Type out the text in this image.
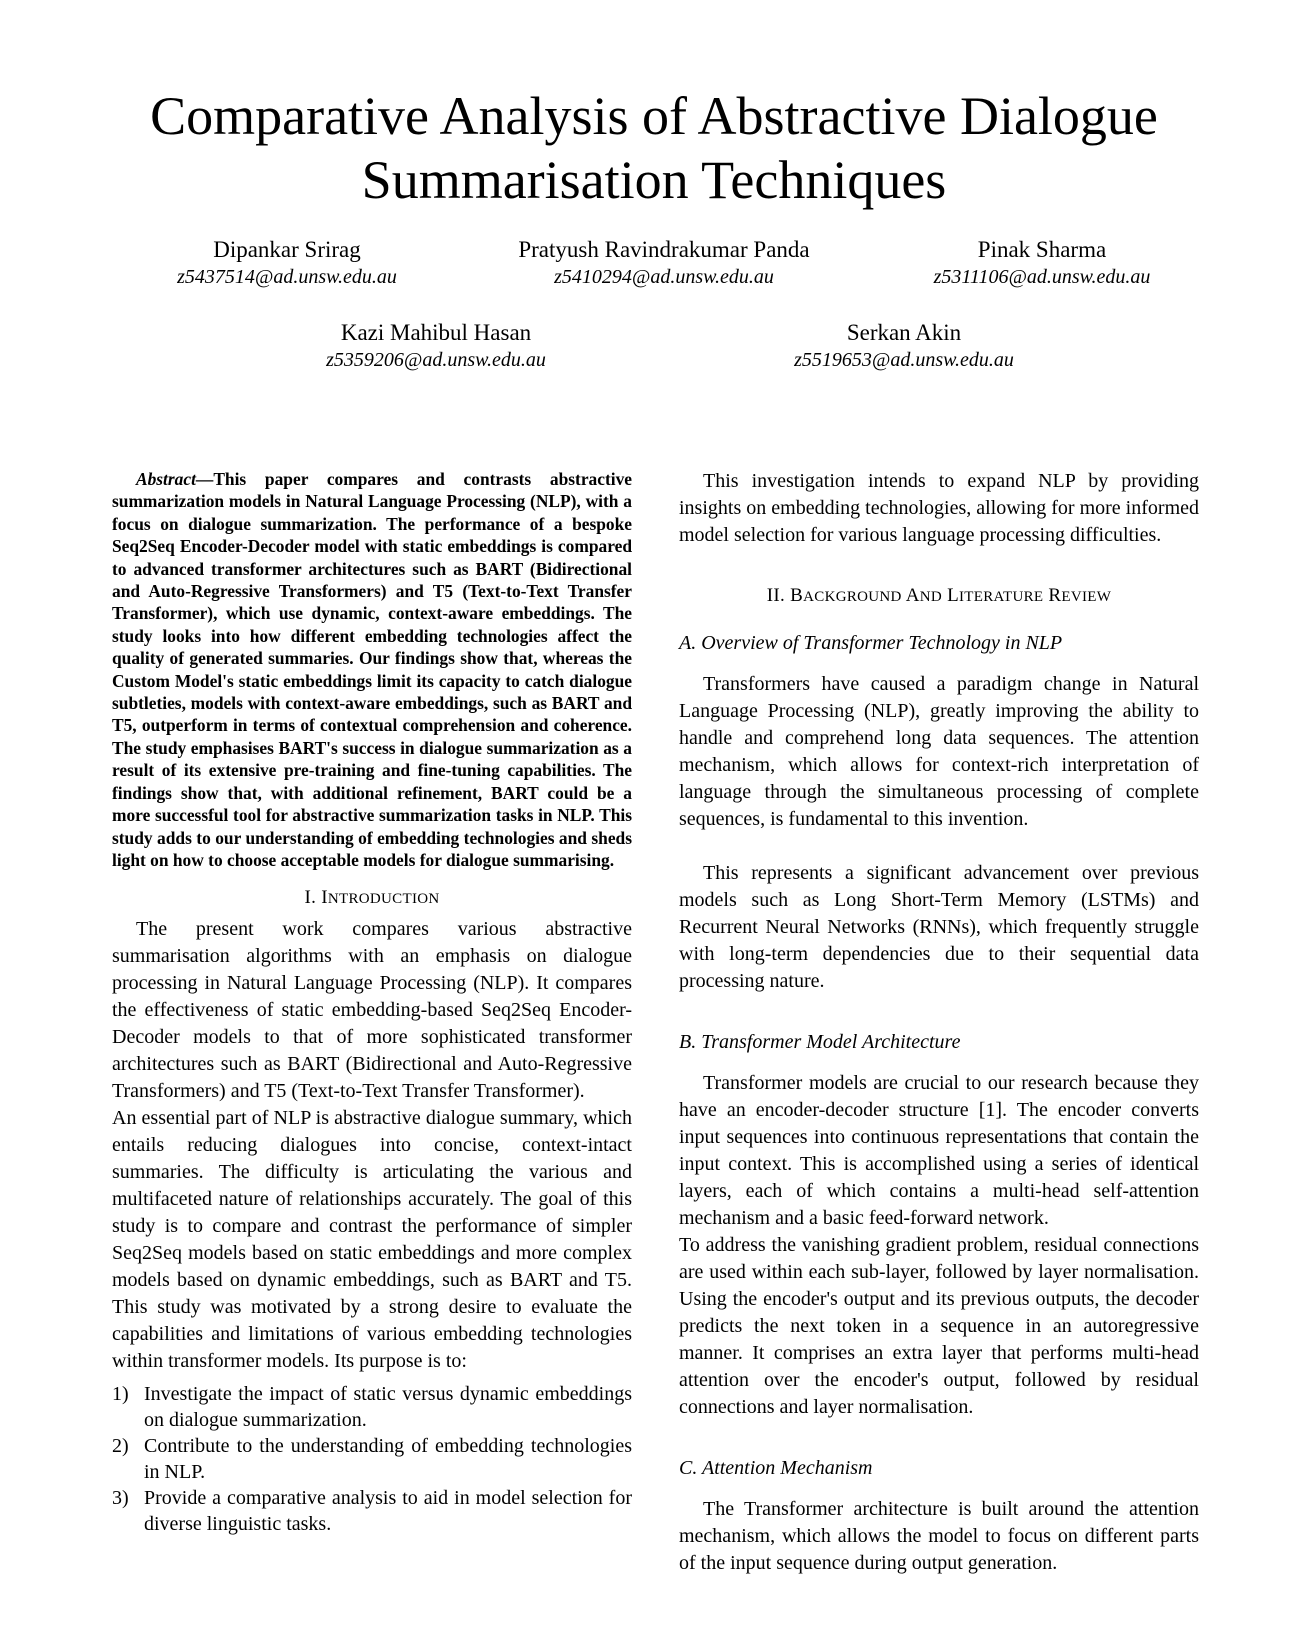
Comparative Analysis of Abstractive Dialogue
Summarisation Techniques
Dipankar Srirag
z5437514@ad.unsw.edu.au
Pratyush Ravindrakumar Panda
z5410294@ad.unsw.edu.au
Pinak Sharma
z5311106@ad.unsw.edu.au
Kazi Mahibul Hasan
z5359206@ad.unsw.edu.au
Serkan Akin
z5519653@ad.unsw.edu.au

Abstract—This paper compares and contrasts abstractive summarization models in Natural Language Processing (NLP), with a focus on dialogue summarization. The performance of a bespoke Seq2Seq Encoder-Decoder model with static embeddings is compared to advanced transformer architectures such as BART (Bidirectional and Auto-Regressive Transformers) and T5 (Text-to-Text Transfer Transformer), which use dynamic, context-aware embeddings. The study looks into how different embedding technologies affect the quality of generated summaries. Our findings show that, whereas the Custom Model's static embeddings limit its capacity to catch dialogue subtleties, models with context-aware embeddings, such as BART and T5, outperform in terms of contextual comprehension and coherence. The study emphasises BART's success in dialogue summarization as a result of its extensive pre-training and fine-tuning capabilities. The findings show that, with additional refinement, BART could be a more successful tool for abstractive summarization tasks in NLP. This study adds to our understanding of embedding technologies and sheds light on how to choose acceptable models for dialogue summarising.

I. INTRODUCTION

The present work compares various abstractive summarisation algorithms with an emphasis on dialogue processing in Natural Language Processing (NLP). It compares the effectiveness of static embedding-based Seq2Seq Encoder-Decoder models to that of more sophisticated transformer architectures such as BART (Bidirectional and Auto-Regressive Transformers) and T5 (Text-to-Text Transfer Transformer).

An essential part of NLP is abstractive dialogue summary, which entails reducing dialogues into concise, context-intact summaries. The difficulty is articulating the various and multifaceted nature of relationships accurately. The goal of this study is to compare and contrast the performance of simpler Seq2Seq models based on static embeddings and more complex models based on dynamic embeddings, such as BART and T5. This study was motivated by a strong desire to evaluate the capabilities and limitations of various embedding technologies within transformer models. Its purpose is to:

1) Investigate the impact of static versus dynamic embeddings on dialogue summarization.
2) Contribute to the understanding of embedding technologies in NLP.
3) Provide a comparative analysis to aid in model selection for diverse linguistic tasks.

This investigation intends to expand NLP by providing insights on embedding technologies, allowing for more informed model selection for various language processing difficulties.

II. BACKGROUND AND LITERATURE REVIEW

A. Overview of Transformer Technology in NLP

Transformers have caused a paradigm change in Natural Language Processing (NLP), greatly improving the ability to handle and comprehend long data sequences. The attention mechanism, which allows for context-rich interpretation of language through the simultaneous processing of complete sequences, is fundamental to this invention.

This represents a significant advancement over previous models such as Long Short-Term Memory (LSTMs) and Recurrent Neural Networks (RNNs), which frequently struggle with long-term dependencies due to their sequential data processing nature.

B. Transformer Model Architecture

Transformer models are crucial to our research because they have an encoder-decoder structure [1]. The encoder converts input sequences into continuous representations that contain the input context. This is accomplished using a series of identical layers, each of which contains a multi-head self-attention mechanism and a basic feed-forward network.

To address the vanishing gradient problem, residual connections are used within each sub-layer, followed by layer normalisation. Using the encoder's output and its previous outputs, the decoder predicts the next token in a sequence in an autoregressive manner. It comprises an extra layer that performs multi-head attention over the encoder's output, followed by residual connections and layer normalisation.

C. Attention Mechanism

The Transformer architecture is built around the attention mechanism, which allows the model to focus on different parts of the input sequence during output generation.
